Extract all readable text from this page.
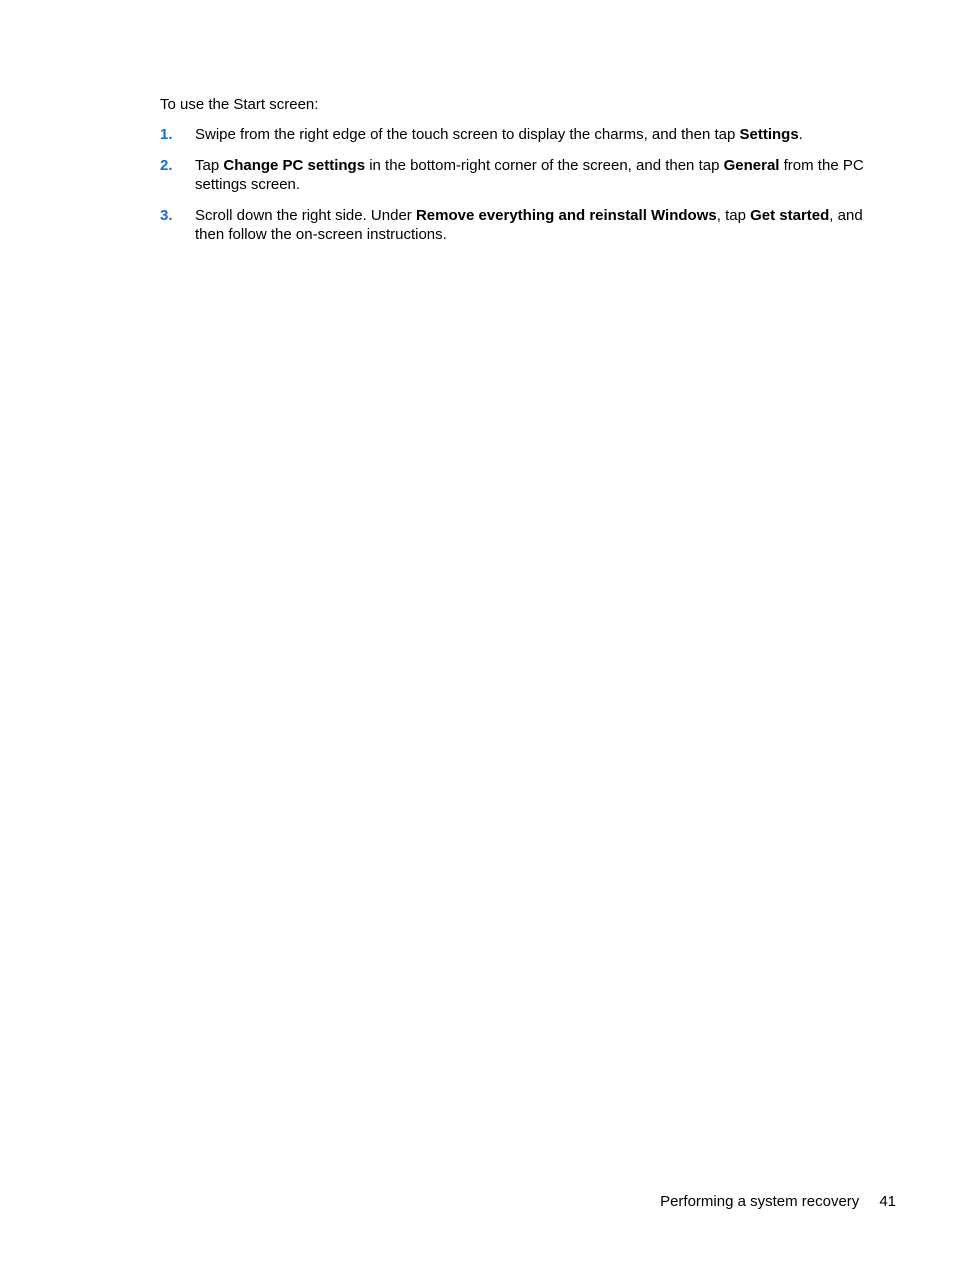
To use the Start screen:

1. Swipe from the right edge of the touch screen to display the charms, and then tap Settings.
2. Tap Change PC settings in the bottom-right corner of the screen, and then tap General from the PC settings screen.
3. Scroll down the right side. Under Remove everything and reinstall Windows, tap Get started, and then follow the on-screen instructions.
Performing a system recovery 41
